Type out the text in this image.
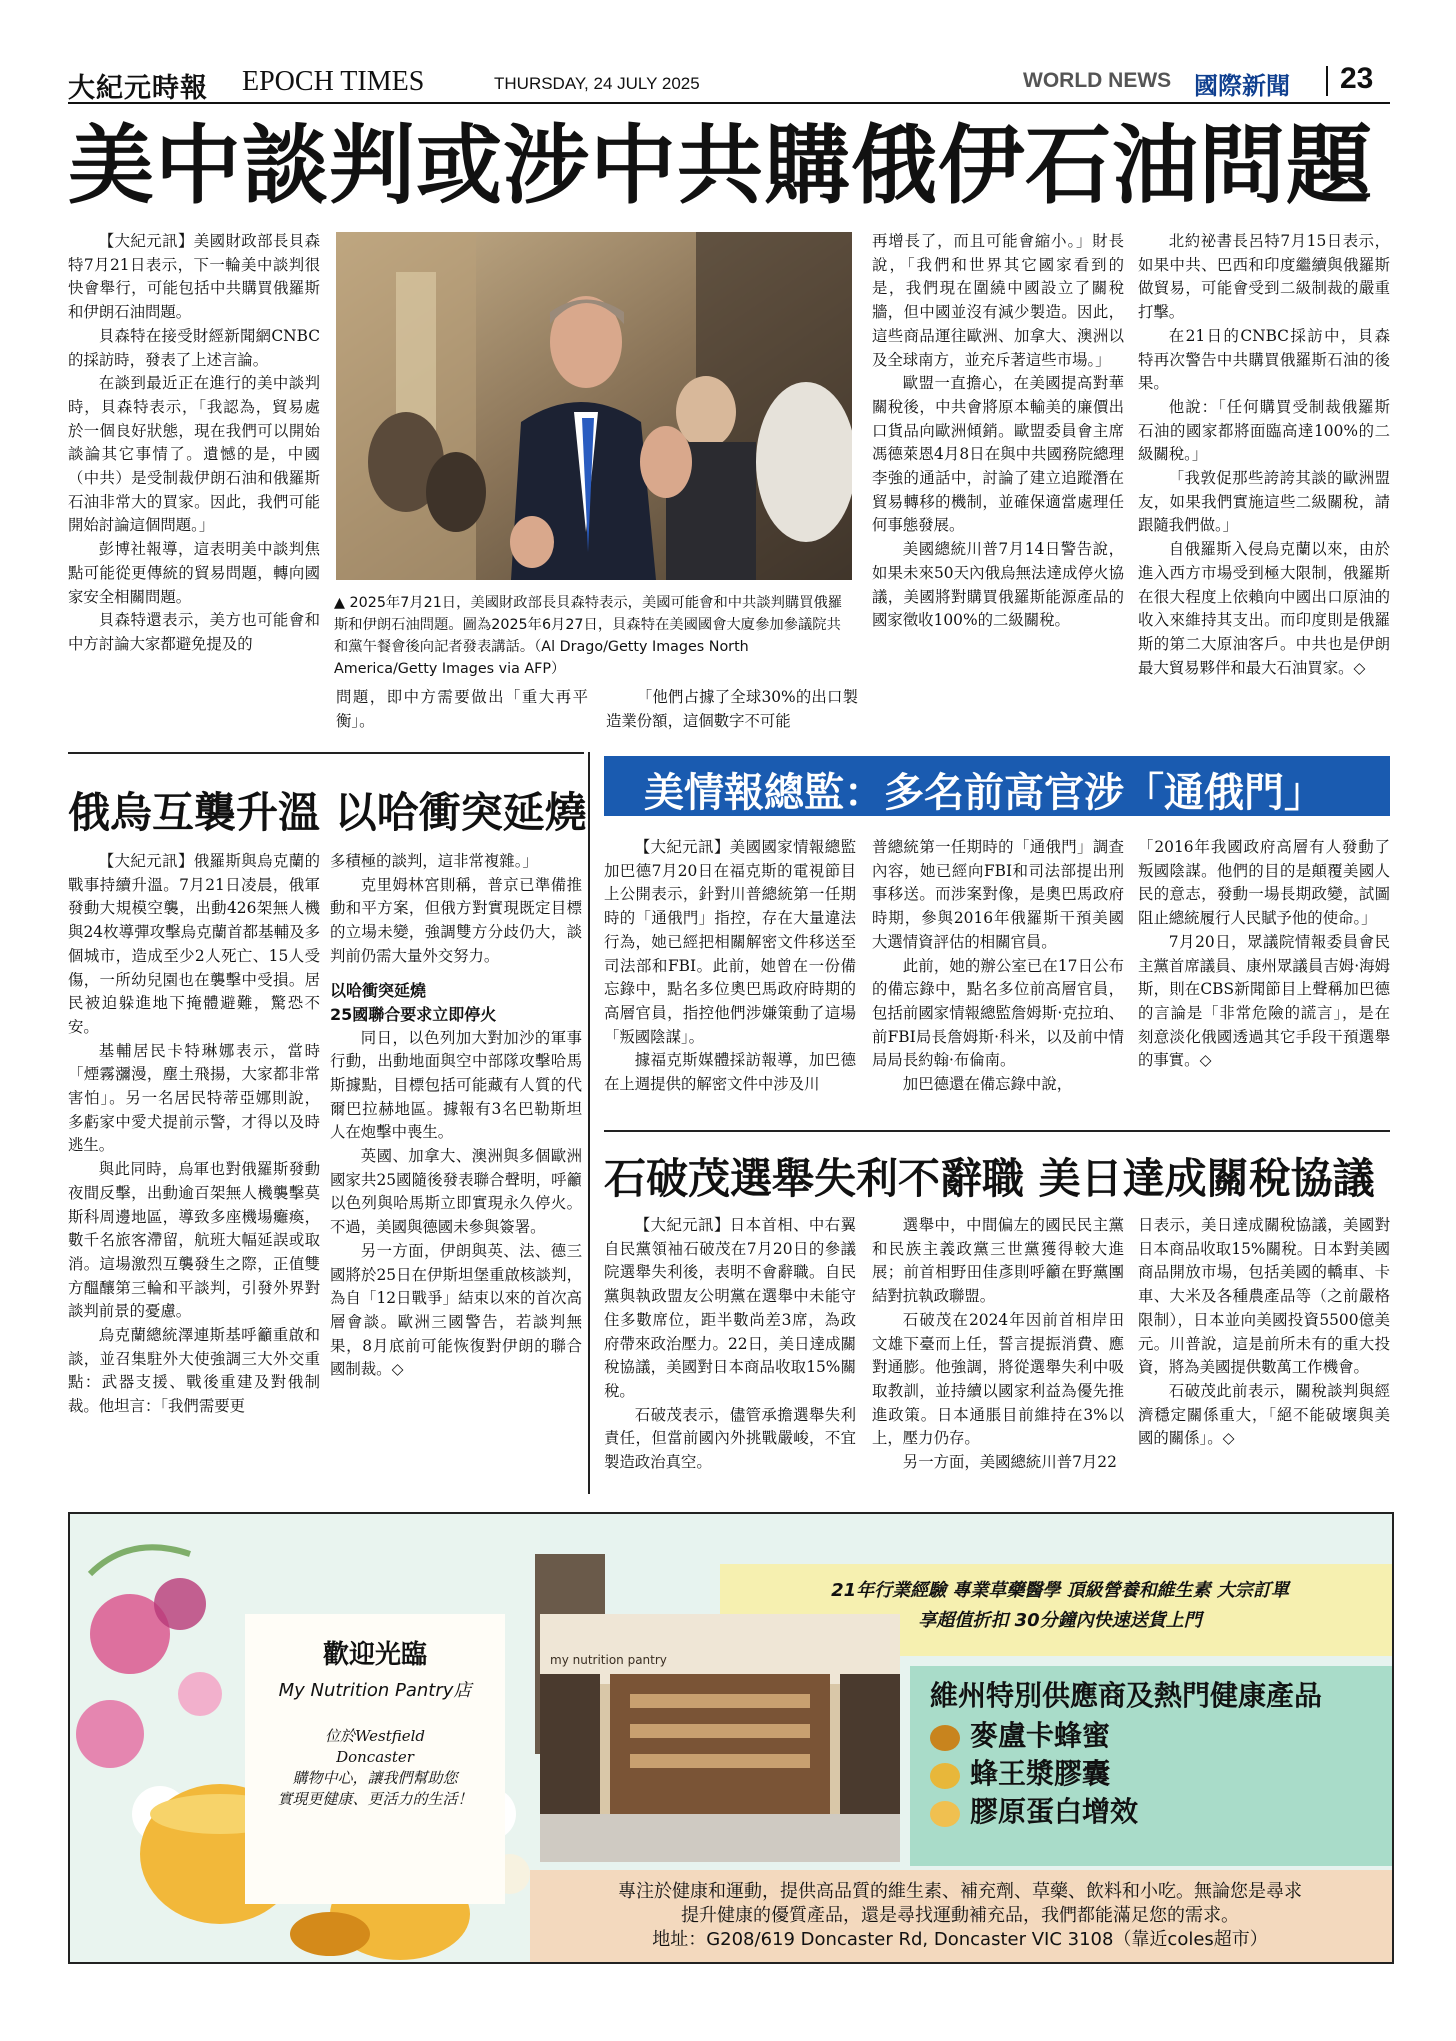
大紀元時報 EPOCH TIMES	THURSDAY, 24 JULY 2025	WORLD NEWS 國際新聞 23
美中談判或涉中共購俄伊石油問題

【大紀元訊】美國財政部長貝森特7月21日表示，下一輪美中談判很快會舉行，可能包括中共購買俄羅斯和伊朗石油問題。

貝森特在接受財經新聞網CNBC的採訪時，發表了上述言論。

在談到最近正在進行的美中談判時，貝森特表示，「我認為，貿易處於一個良好狀態，現在我們可以開始談論其它事情了。遺憾的是，中國（中共）是受制裁伊朗石油和俄羅斯石油非常大的買家。因此，我們可能開始討論這個問題。」

彭博社報導，這表明美中談判焦點可能從更傳統的貿易問題，轉向國家安全相關問題。

貝森特還表示，美方也可能會和中方討論大家都避免提及的

▲ 2025年7月21日，美國財政部長貝森特表示，美國可能會和中共談判購買俄羅斯和伊朗石油問題。圖為2025年6月27日，貝森特在美國國會大廈參加參議院共和黨午餐會後向記者發表講話。（Al Drago/Getty Images North America/Getty Images via AFP）

問題，即中方需要做出「重大再平衡」。

「他們占據了全球30%的出口製造業份額，這個數字不可能

再增長了，而且可能會縮小。」財長說，「我們和世界其它國家看到的是，我們現在圍繞中國設立了關稅牆，但中國並沒有減少製造。因此，這些商品運往歐洲、加拿大、澳洲以及全球南方，並充斥著這些市場。」

歐盟一直擔心，在美國提高對華關稅後，中共會將原本輸美的廉價出口貨品向歐洲傾銷。歐盟委員會主席馮德萊恩4月8日在與中共國務院總理李強的通話中，討論了建立追蹤潛在貿易轉移的機制，並確保適當處理任何事態發展。

美國總統川普7月14日警告說，如果未來50天內俄烏無法達成停火協議，美國將對購買俄羅斯能源產品的國家徵收100%的二級關稅。

北約祕書長呂特7月15日表示，如果中共、巴西和印度繼續與俄羅斯做貿易，可能會受到二級制裁的嚴重打擊。

在21日的CNBC採訪中，貝森特再次警告中共購買俄羅斯石油的後果。

他說：「任何購買受制裁俄羅斯石油的國家都將面臨高達100%的二級關稅。」

「我敦促那些誇誇其談的歐洲盟友，如果我們實施這些二級關稅，請跟隨我們做。」

自俄羅斯入侵烏克蘭以來，由於進入西方市場受到極大限制，俄羅斯在很大程度上依賴向中國出口原油的收入來維持其支出。而印度則是俄羅斯的第二大原油客戶。中共也是伊朗最大貿易夥伴和最大石油買家。◇

俄烏互襲升溫 以哈衝突延燒

【大紀元訊】俄羅斯與烏克蘭的戰事持續升溫。7月21日凌晨，俄軍發動大規模空襲，出動426架無人機與24枚導彈攻擊烏克蘭首都基輔及多個城市，造成至少2人死亡、15人受傷，一所幼兒園也在襲擊中受損。居民被迫躲進地下掩體避難，驚恐不安。

基輔居民卡特琳娜表示，當時「煙霧瀰漫，塵土飛揚，大家都非常害怕」。另一名居民特蒂亞娜則說，多虧家中愛犬提前示警，才得以及時逃生。

與此同時，烏軍也對俄羅斯發動夜間反擊，出動逾百架無人機襲擊莫斯科周邊地區，導致多座機場癱瘓，數千名旅客滯留，航班大幅延誤或取消。這場激烈互襲發生之際，正值雙方醞釀第三輪和平談判，引發外界對談判前景的憂慮。

烏克蘭總統澤連斯基呼籲重啟和談，並召集駐外大使強調三大外交重點：武器支援、戰後重建及對俄制裁。他坦言：「我們需要更

多積極的談判，這非常複雜。」

克里姆林宮則稱，普京已準備推動和平方案，但俄方對實現既定目標的立場未變，強調雙方分歧仍大，談判前仍需大量外交努力。

以哈衝突延燒
25國聯合要求立即停火

同日，以色列加大對加沙的軍事行動，出動地面與空中部隊攻擊哈馬斯據點，目標包括可能藏有人質的代爾巴拉赫地區。據報有3名巴勒斯坦人在炮擊中喪生。

英國、加拿大、澳洲與多個歐洲國家共25國隨後發表聯合聲明，呼籲以色列與哈馬斯立即實現永久停火。不過，美國與德國未參與簽署。

另一方面，伊朗與英、法、德三國將於25日在伊斯坦堡重啟核談判，為自「12日戰爭」結束以來的首次高層會談。歐洲三國警告，若談判無果，8月底前可能恢復對伊朗的聯合國制裁。◇

美情報總監：多名前高官涉「通俄門」

【大紀元訊】美國國家情報總監加巴德7月20日在福克斯的電視節目上公開表示，針對川普總統第一任期時的「通俄門」指控，存在大量違法行為，她已經把相關解密文件移送至司法部和FBI。此前，她曾在一份備忘錄中，點名多位奧巴馬政府時期的高層官員，指控他們涉嫌策動了這場「叛國陰謀」。

據福克斯媒體採訪報導，加巴德在上週提供的解密文件中涉及川

普總統第一任期時的「通俄門」調查內容，她已經向FBI和司法部提出刑事移送。而涉案對像，是奧巴馬政府時期，參與2016年俄羅斯干預美國大選情資評估的相關官員。

此前，她的辦公室已在17日公布的備忘錄中，點名多位前高層官員，包括前國家情報總監詹姆斯·克拉珀、前FBI局長詹姆斯·科米，以及前中情局局長約翰·布倫南。

加巴德還在備忘錄中說，

「2016年我國政府高層有人發動了叛國陰謀。他們的目的是顛覆美國人民的意志，發動一場長期政變，試圖阻止總統履行人民賦予他的使命。」

7月20日，眾議院情報委員會民主黨首席議員、康州眾議員吉姆·海姆斯，則在CBS新聞節目上聲稱加巴德的言論是「非常危險的謊言」，是在刻意淡化俄國透過其它手段干預選舉的事實。◇

石破茂選舉失利不辭職 美日達成關稅協議

【大紀元訊】日本首相、中右翼自民黨領袖石破茂在7月20日的參議院選舉失利後，表明不會辭職。自民黨與執政盟友公明黨在選舉中未能守住多數席位，距半數尚差3席，為政府帶來政治壓力。22日，美日達成關稅協議，美國對日本商品收取15%關稅。

石破茂表示，儘管承擔選舉失利責任，但當前國內外挑戰嚴峻，不宜製造政治真空。

選舉中，中間偏左的國民民主黨和民族主義政黨三世黨獲得較大進展；前首相野田佳彥則呼籲在野黨團結對抗執政聯盟。

石破茂在2024年因前首相岸田文雄下臺而上任，誓言提振消費、應對通膨。他強調，將從選舉失利中吸取教訓，並持續以國家利益為優先推進政策。日本通脹目前維持在3%以上，壓力仍存。

另一方面，美國總統川普7月22

日表示，美日達成關稅協議，美國對日本商品收取15%關稅。日本對美國商品開放市場，包括美國的轎車、卡車、大米及各種農產品等（之前嚴格限制），日本並向美國投資5500億美元。川普說，這是前所未有的重大投資，將為美國提供數萬工作機會。

石破茂此前表示，關稅談判與經濟穩定關係重大，「絕不能破壞與美國的關係」。◇

歡迎光臨
My Nutrition Pantry店
位於Westfield
Doncaster
購物中心，讓我們幫助您
實現更健康、更活力的生活！
21年行業經驗 專業草藥醫學 頂級營養和維生素 大宗訂單
享超值折扣 30分鐘內快速送貨上門
my nutrition pantry
維州特別供應商及熱門健康產品
麥盧卡蜂蜜
蜂王漿膠囊
膠原蛋白增效
專注於健康和運動，提供高品質的維生素、補充劑、草藥、飲料和小吃。無論您是尋求
提升健康的優質產品，還是尋找運動補充品，我們都能滿足您的需求。
地址：G208/619 Doncaster Rd, Doncaster VIC 3108（靠近coles超市）
